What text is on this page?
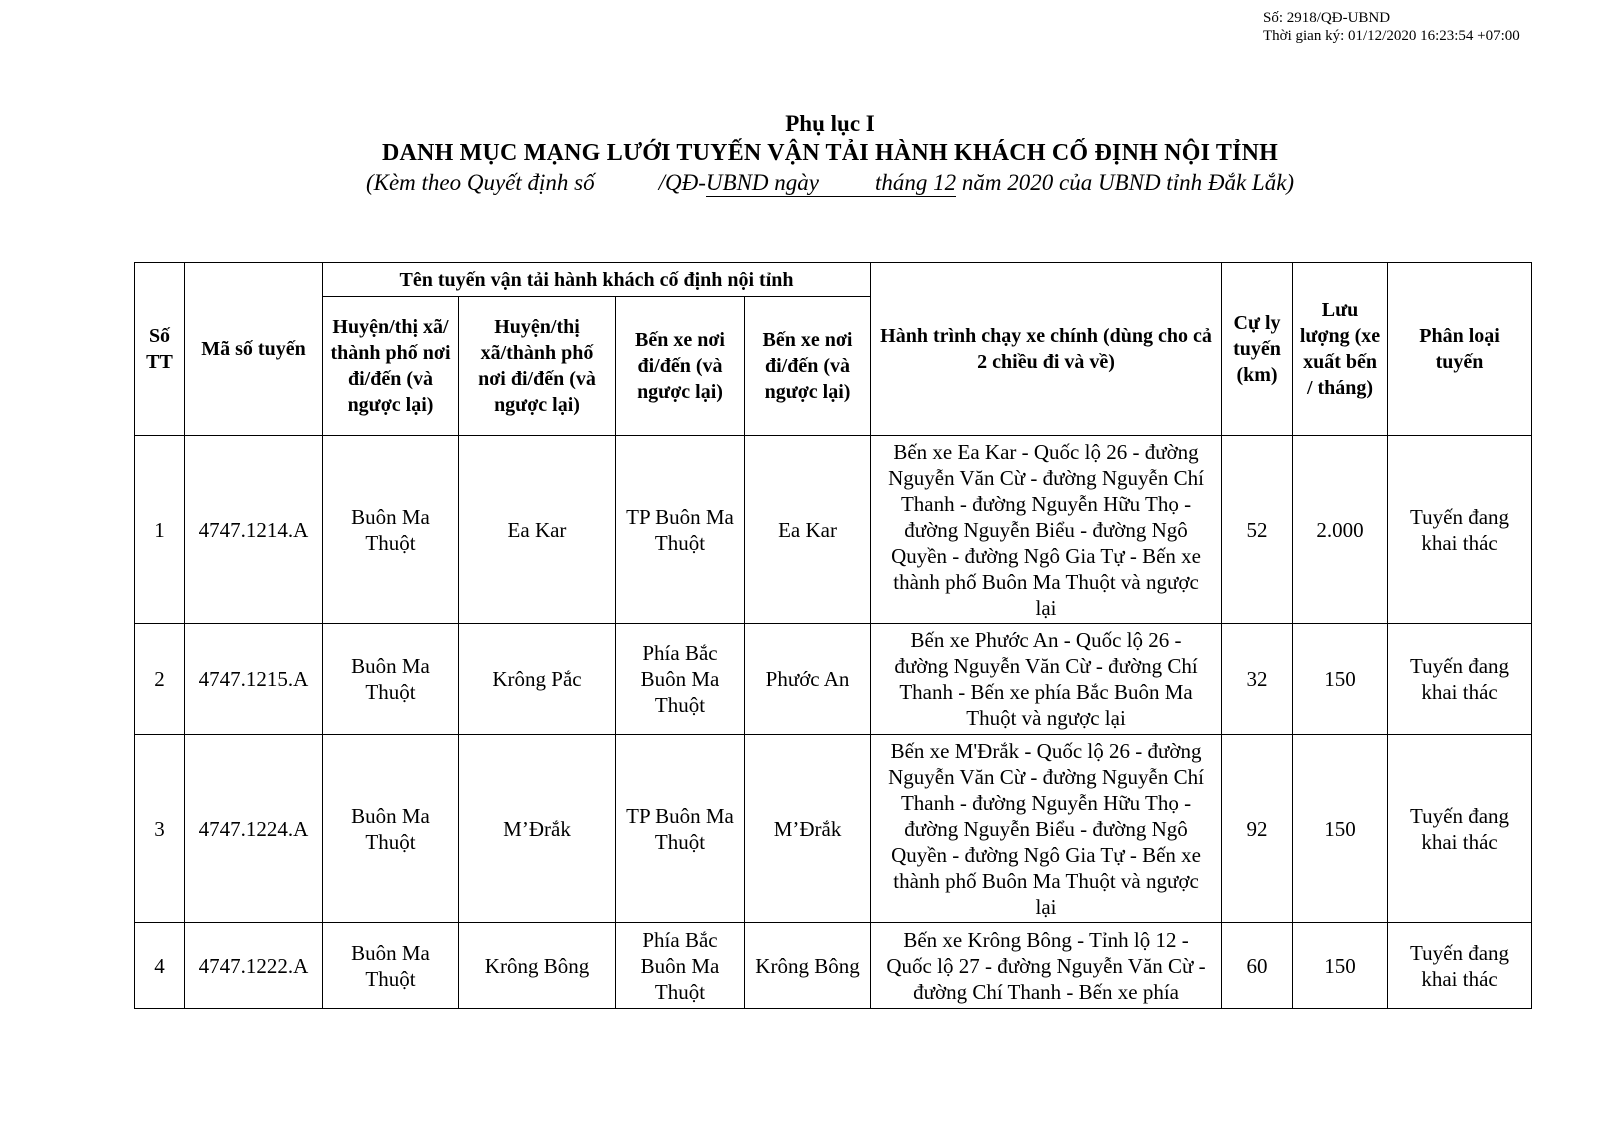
Số: 2918/QĐ-UBND
Thời gian ký: 01/12/2020 16:23:54 +07:00
Phụ lục I
DANH MỤC MẠNG LƯỚI TUYẾN VẬN TẢI HÀNH KHÁCH CỐ ĐỊNH NỘI TỈNH
(Kèm theo Quyết định số	/QĐ-UBND ngày tháng 12 năm 2020 của UBND tỉnh Đắk Lắk)
Số TT	Mã số tuyến	Tên tuyến vận tải hành khách cố định nội tỉnh				Hành trình chạy xe chính (dùng cho cả 2 chiều đi và về)	Cự ly tuyến (km)	Lưu lượng (xe xuất bến / tháng)	Phân loại tuyến
		Huyện/thị xã/ thành phố nơi đi/đến (và ngược lại)	Huyện/thị xã/thành phố nơi đi/đến (và ngược lại)	Bến xe nơi đi/đến (và ngược lại)	Bến xe nơi đi/đến (và ngược lại)				
1	4747.1214.A	Buôn Ma Thuột	Ea Kar	TP Buôn Ma Thuột	Ea Kar	Bến xe Ea Kar - Quốc lộ 26 - đường Nguyễn Văn Cừ - đường Nguyễn Chí Thanh - đường Nguyễn Hữu Thọ - đường Nguyễn Biểu - đường Ngô Quyền - đường Ngô Gia Tự - Bến xe thành phố Buôn Ma Thuột và ngược lại	52	2.000	Tuyến đang khai thác
2	4747.1215.A	Buôn Ma Thuột	Krông Pắc	Phía Bắc Buôn Ma Thuột	Phước An	Bến xe Phước An - Quốc lộ 26 - đường Nguyễn Văn Cừ - đường Chí Thanh - Bến xe phía Bắc Buôn Ma Thuột và ngược lại	32	150	Tuyến đang khai thác
3	4747.1224.A	Buôn Ma Thuột	M’Đrắk	TP Buôn Ma Thuột	M’Đrắk	Bến xe M'Đrắk - Quốc lộ 26 - đường Nguyễn Văn Cừ - đường Nguyễn Chí Thanh - đường Nguyễn Hữu Thọ - đường Nguyễn Biểu - đường Ngô Quyền - đường Ngô Gia Tự - Bến xe thành phố Buôn Ma Thuột và ngược lại	92	150	Tuyến đang khai thác
4	4747.1222.A	Buôn Ma Thuột	Krông Bông	Phía Bắc Buôn Ma Thuột	Krông Bông	Bến xe Krông Bông - Tỉnh lộ 12 - Quốc lộ 27 - đường Nguyễn Văn Cừ - đường Chí Thanh - Bến xe phía	60	150	Tuyến đang khai thác
